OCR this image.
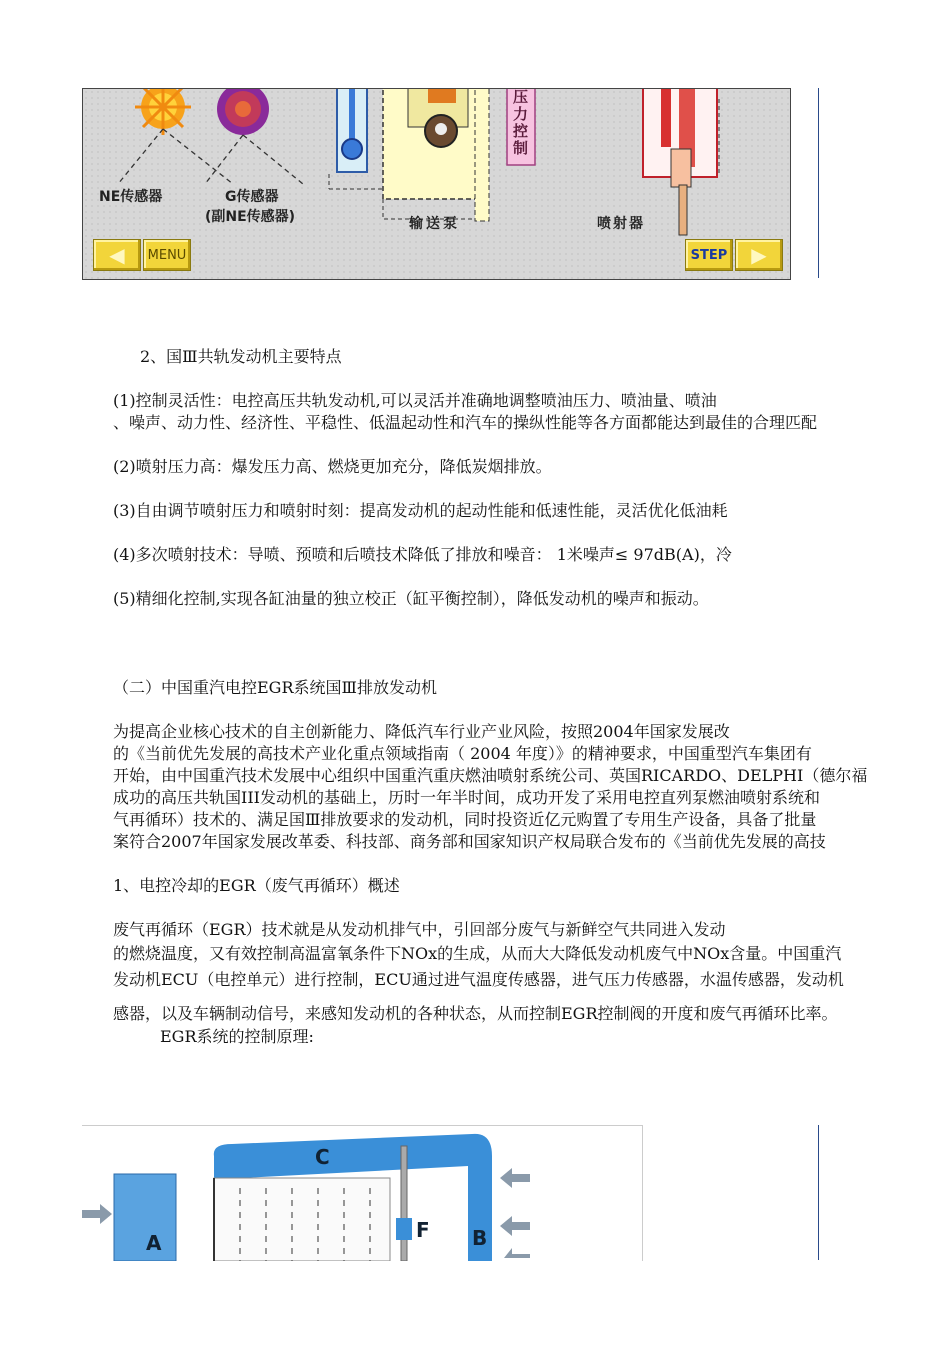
NE传感器	G传感器
(副NE传感器)	输送泵	喷射器
压力控制
◀	MENU	STEP ▶
2、国Ⅲ共轨发动机主要特点
(1)控制灵活性：电控高压共轨发动机,可以灵活并准确地调整喷油压力、喷油量、喷油
、噪声、动力性、经济性、平稳性、低温起动性和汽车的操纵性能等各方面都能达到最佳的合理匹配
(2)喷射压力高：爆发压力高、燃烧更加充分，降低炭烟排放。
(3)自由调节喷射压力和喷射时刻：提高发动机的起动性能和低速性能，灵活优化低油耗
(4)多次喷射技术：导喷、预喷和后喷技术降低了排放和噪音： 1米噪声≤ 97dB(A)，冷
(5)精细化控制,实现各缸油量的独立校正（缸平衡控制），降低发动机的噪声和振动。
（二）中国重汽电控EGR系统国Ⅲ排放发动机
为提高企业核心技术的自主创新能力、降低汽车行业产业风险，按照2004年国家发展改
的《当前优先发展的高技术产业化重点领域指南（ 2004 年度）》的精神要求，中国重型汽车集团有
开始，由中国重汽技术发展中心组织中国重汽重庆燃油喷射系统公司、英国RICARDO、DELPHI（德尔福
成功的高压共轨国III发动机的基础上，历时一年半时间，成功开发了采用电控直列泵燃油喷射系统和
气再循环）技术的、满足国Ⅲ排放要求的发动机，同时投资近亿元购置了专用生产设备，具备了批量
案符合2007年国家发展改革委、科技部、商务部和国家知识产权局联合发布的《当前优先发展的高技
1、电控冷却的EGR（废气再循环）概述
废气再循环（EGR）技术就是从发动机排气中，引回部分废气与新鲜空气共同进入发动
的燃烧温度，又有效控制高温富氧条件下NOx的生成，从而大大降低发动机废气中NOx含量。中国重汽
发动机ECU（电控单元）进行控制，ECU通过进气温度传感器，进气压力传感器，水温传感器，发动机
感器，以及车辆制动信号，来感知发动机的各种状态，从而控制EGR控制阀的开度和废气再循环比率。
EGR系统的控制原理:
C
A	B
F
